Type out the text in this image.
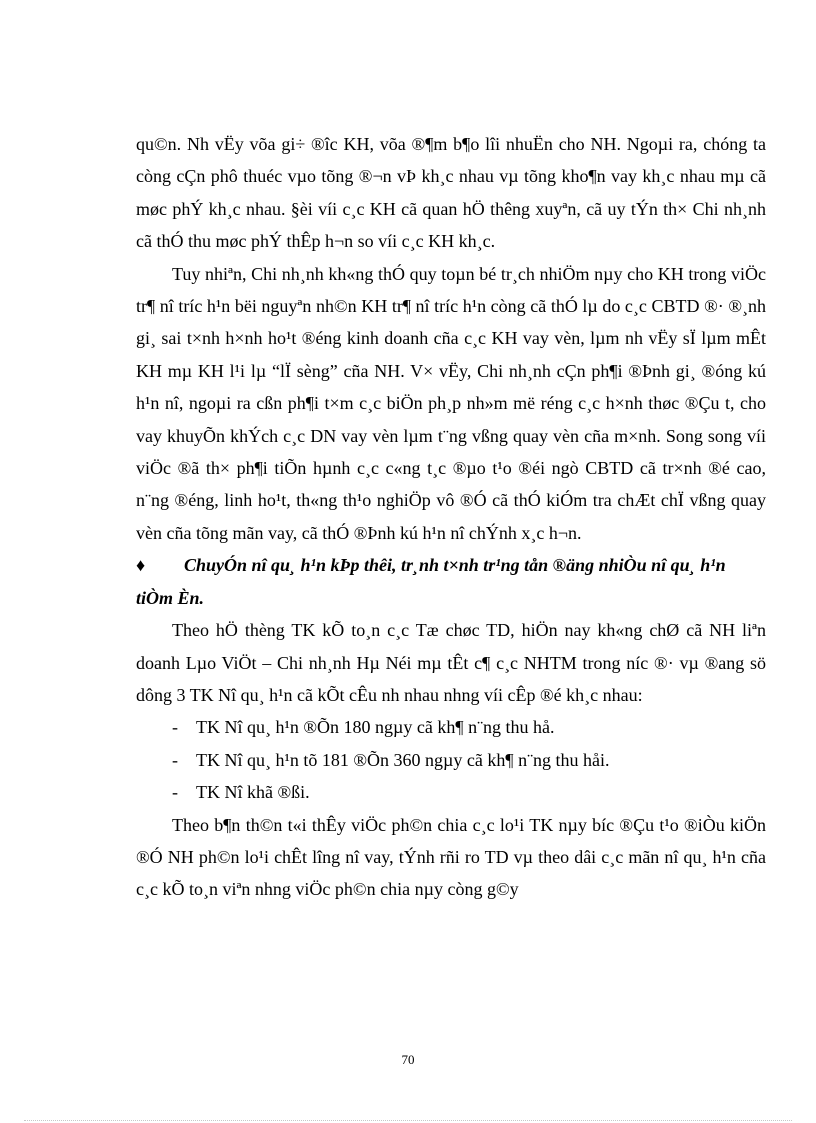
qu©n. Nh vËy võa gi÷ ®îc KH, võa ®¶m b¶o lîi nhuËn cho NH. Ngoµi ra, chóng ta còng cÇn phô thuéc vµo tõng ®¬n vÞ kh¸c nhau vµ tõng kho¶n vay kh¸c nhau mµ cã møc phÝ kh¸c nhau. §èi víi c¸c KH cã quan hÖ thêng xuyªn, cã uy tÝn th× Chi nh¸nh cã thÓ thu møc phÝ thÊp h¬n so víi c¸c KH kh¸c.

Tuy nhiªn, Chi nh¸nh kh«ng thÓ quy toµn bé tr¸ch nhiÖm nµy cho KH trong viÖc tr¶ nî tríc h¹n bëi nguyªn nh©n KH tr¶ nî tríc h¹n còng cã thÓ lµ do c¸c CBTD ®· ®¸nh gi¸ sai t×nh h×nh ho¹t ®éng kinh doanh cña c¸c KH vay vèn, lµm nh vËy sÏ lµm mÊt KH mµ KH l¹i lµ “lÏ sèng” cña NH. V× vËy, Chi nh¸nh cÇn ph¶i ®Þnh gi¸ ®óng kú h¹n nî, ngoµi ra cßn ph¶i t×m c¸c biÖn ph¸p nh»m më réng c¸c h×nh thøc ®Çu t, cho vay khuyÕn khÝch c¸c DN vay vèn lµm t¨ng vßng quay vèn cña m×nh. Song song víi viÖc ®ã th× ph¶i tiÕn hµnh c¸c c«ng t¸c ®µo t¹o ®éi ngò CBTD cã tr×nh ®é cao, n¨ng ®éng, linh ho¹t, th«ng th¹o nghiÖp vô ®Ó cã thÓ kiÓm tra chÆt chÏ vßng quay vèn cña tõng mãn vay, cã thÓ ®Þnh kú h¹n nî chÝnh x¸c h¬n.

♦ ChuyÓn nî qu¸ h¹n kÞp thêi, tr¸nh t×nh tr¹ng tån ®äng nhiÒu nî qu¸ h¹n tiÒm Èn.

Theo hÖ thèng TK kÕ to¸n c¸c Tæ chøc TD, hiÖn nay kh«ng chØ cã NH liªn doanh Lµo ViÖt – Chi nh¸nh Hµ Néi mµ tÊt c¶ c¸c NHTM trong níc ®· vµ ®ang sö dông 3 TK Nî qu¸ h¹n cã kÕt cÊu nh nhau nhng víi cÊp ®é kh¸c nhau:

- TK Nî qu¸ h¹n ®Õn 180 ngµy cã kh¶ n¨ng thu hå.
- TK Nî qu¸ h¹n tõ 181 ®Õn 360 ngµy cã kh¶ n¨ng thu håi.
- TK Nî khã ®ßi.

Theo b¶n th©n t«i thÊy viÖc ph©n chia c¸c lo¹i TK nµy bíc ®Çu t¹o ®iÒu kiÖn ®Ó NH ph©n lo¹i chÊt lîng nî vay, tÝnh rñi ro TD vµ theo dâi c¸c mãn nî qu¸ h¹n cña c¸c kÕ to¸n viªn nhng viÖc ph©n chia nµy còng g©y

70
